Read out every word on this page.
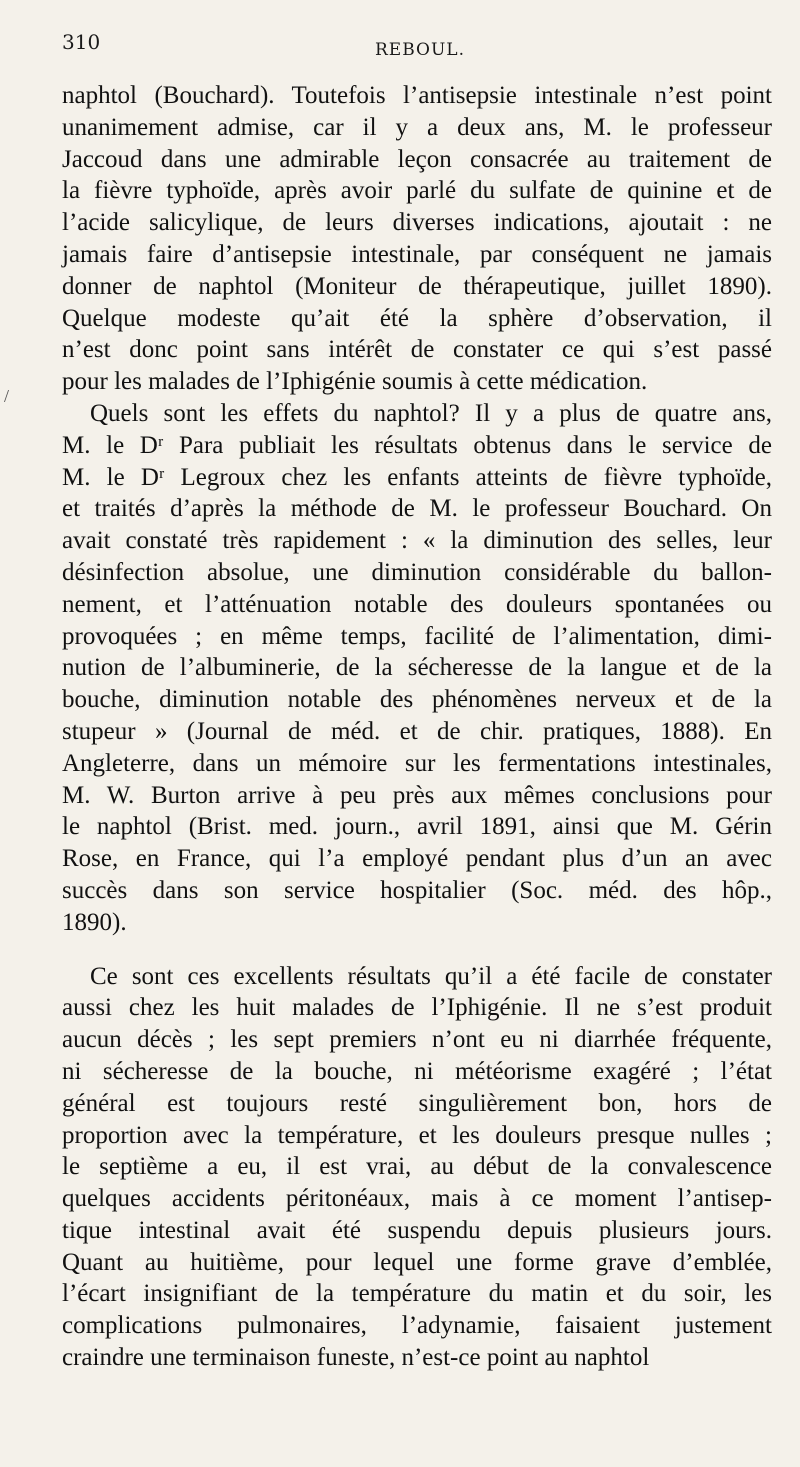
310	REBOUL.
/
naphtol (Bouchard). Toutefois l’antisepsie intestinale n’est point
unanimement admise, car il y a deux ans, M. le professeur
Jaccoud dans une admirable leçon consacrée au traitement de
la fièvre typhoïde, après avoir parlé du sulfate de quinine et de
l’acide salicylique, de leurs diverses indications, ajoutait : ne
jamais faire d’antisepsie intestinale, par conséquent ne jamais
donner de naphtol (Moniteur de thérapeutique, juillet 1890).
Quelque modeste qu’ait été la sphère d’observation, il
n’est donc point sans intérêt de constater ce qui s’est passé
pour les malades de l’Iphigénie soumis à cette médication.
Quels sont les effets du naphtol? Il y a plus de quatre ans,
M. le Dʳ Para publiait les résultats obtenus dans le service de
M. le Dʳ Legroux chez les enfants atteints de fièvre typhoïde,
et traités d’après la méthode de M. le professeur Bouchard. On
avait constaté très rapidement : « la diminution des selles, leur
désinfection absolue, une diminution considérable du ballon-
nement, et l’atténuation notable des douleurs spontanées ou
provoquées ; en même temps, facilité de l’alimentation, dimi-
nution de l’albuminerie, de la sécheresse de la langue et de la
bouche, diminution notable des phénomènes nerveux et de la
stupeur » (Journal de méd. et de chir. pratiques, 1888). En
Angleterre, dans un mémoire sur les fermentations intestinales,
M. W. Burton arrive à peu près aux mêmes conclusions pour
le naphtol (Brist. med. journ., avril 1891, ainsi que M. Gérin
Rose, en France, qui l’a employé pendant plus d’un an avec
succès dans son service hospitalier (Soc. méd. des hôp.,
1890).
Ce sont ces excellents résultats qu’il a été facile de constater
aussi chez les huit malades de l’Iphigénie. Il ne s’est produit
aucun décès ; les sept premiers n’ont eu ni diarrhée fréquente,
ni sécheresse de la bouche, ni météorisme exagéré ; l’état
général est toujours resté singulièrement bon, hors de
proportion avec la température, et les douleurs presque nulles ;
le septième a eu, il est vrai, au début de la convalescence
quelques accidents péritonéaux, mais à ce moment l’antisep-
tique intestinal avait été suspendu depuis plusieurs jours.
Quant au huitième, pour lequel une forme grave d’emblée,
l’écart insignifiant de la température du matin et du soir, les
complications pulmonaires, l’adynamie, faisaient justement
craindre une terminaison funeste, n’est-ce point au naphtol
